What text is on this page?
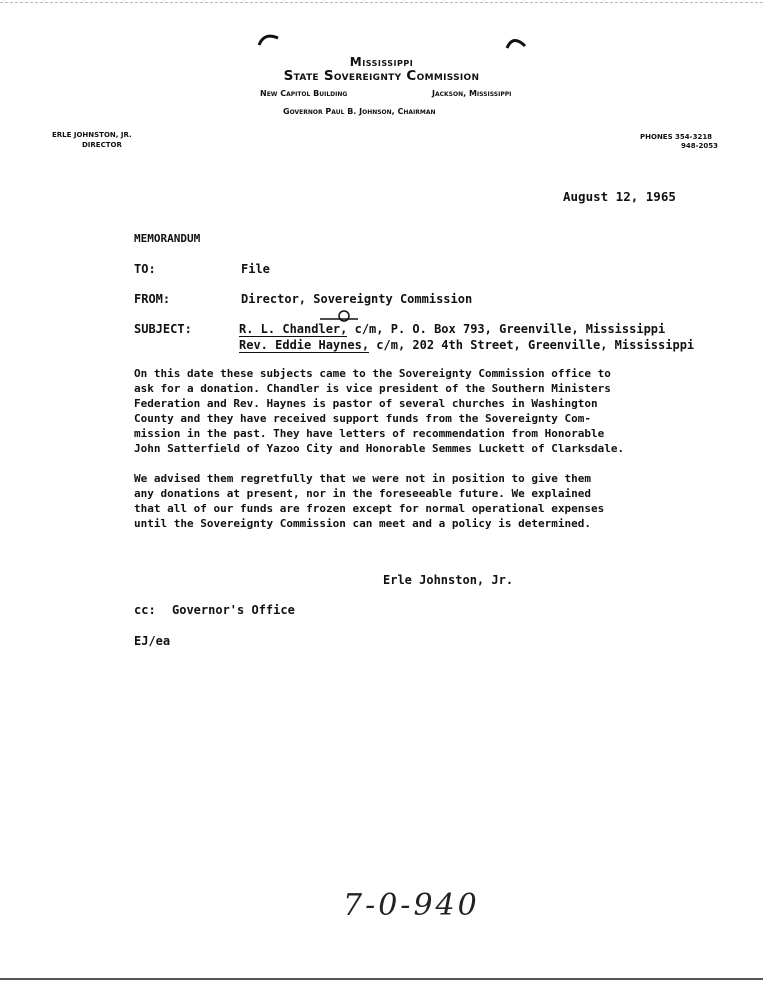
Mississippi
State Sovereignty Commission
New Capitol Building	Jackson, Mississippi
Governor Paul B. Johnson, Chairman
ERLE JOHNSTON, JR.
DIRECTOR
PHONES 354-3218
948-2053
August 12, 1965
MEMORANDUM
TO:	File
FROM:	Director, Sovereignty Commission
SUBJECT:	R. L. Chandler, c/m, P. O. Box 793, Greenville, Mississippi
Rev. Eddie Haynes, c/m, 202 4th Street, Greenville, Mississippi
On this date these subjects came to the Sovereignty Commission office to
ask for a donation. Chandler is vice president of the Southern Ministers
Federation and Rev. Haynes is pastor of several churches in Washington
County and they have received support funds from the Sovereignty Com-
mission in the past. They have letters of recommendation from Honorable
John Satterfield of Yazoo City and Honorable Semmes Luckett of Clarksdale.
We advised them regretfully that we were not in position to give them
any donations at present, nor in the foreseeable future. We explained
that all of our funds are frozen except for normal operational expenses
until the Sovereignty Commission can meet and a policy is determined.
Erle Johnston, Jr.
cc: Governor's Office
EJ/ea
7-0-940
